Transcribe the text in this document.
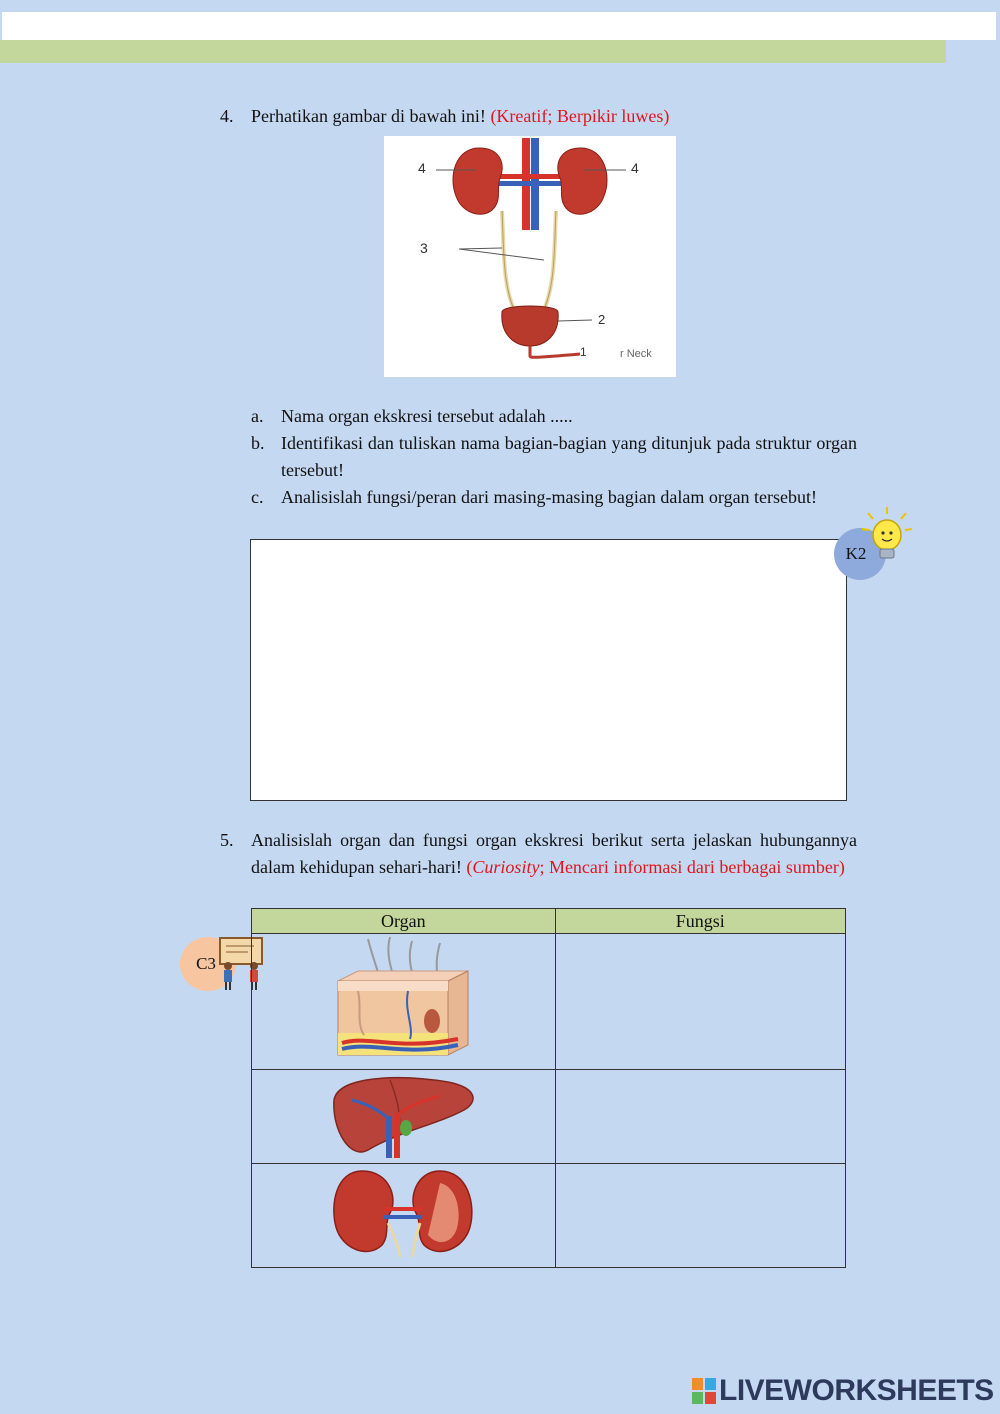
4. Perhatikan gambar di bawah ini! (Kreatif; Berpikir luwes)
4	4
3
2
1	r Neck
a. Nama organ ekskresi tersebut adalah .....
b. Identifikasi dan tuliskan nama bagian-bagian yang ditunjuk pada struktur organ tersebut!
c. Analisislah fungsi/peran dari masing-masing bagian dalam organ tersebut!
K2
5. Analisislah organ dan fungsi organ ekskresi berikut serta jelaskan hubungannya dalam kehidupan sehari-hari! (Curiosity; Mencari informasi dari berbagai sumber)
C3
Organ	Fungsi

LIVEWORKSHEETS
